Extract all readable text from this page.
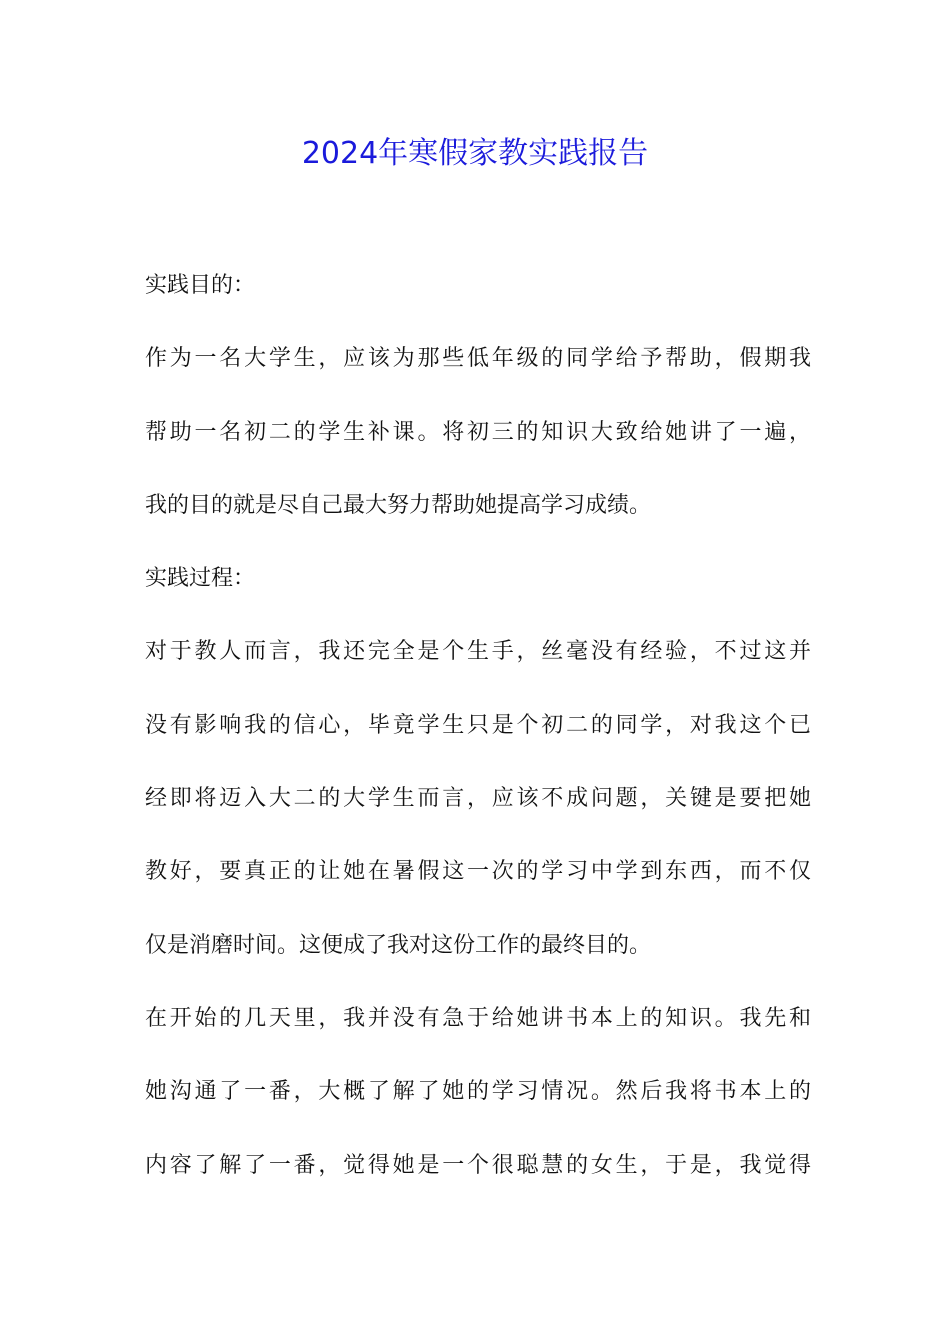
2024年寒假家教实践报告
实践目的：
作为一名大学生，应该为那些低年级的同学给予帮助，假期我
帮助一名初二的学生补课。将初三的知识大致给她讲了一遍，
我的目的就是尽自己最大努力帮助她提高学习成绩。
实践过程：
对于教人而言，我还完全是个生手，丝毫没有经验，不过这并
没有影响我的信心，毕竟学生只是个初二的同学，对我这个已
经即将迈入大二的大学生而言，应该不成问题，关键是要把她
教好，要真正的让她在暑假这一次的学习中学到东西，而不仅
仅是消磨时间。这便成了我对这份工作的最终目的。
在开始的几天里，我并没有急于给她讲书本上的知识。我先和
她沟通了一番，大概了解了她的学习情况。然后我将书本上的
内容了解了一番，觉得她是一个很聪慧的女生，于是，我觉得
